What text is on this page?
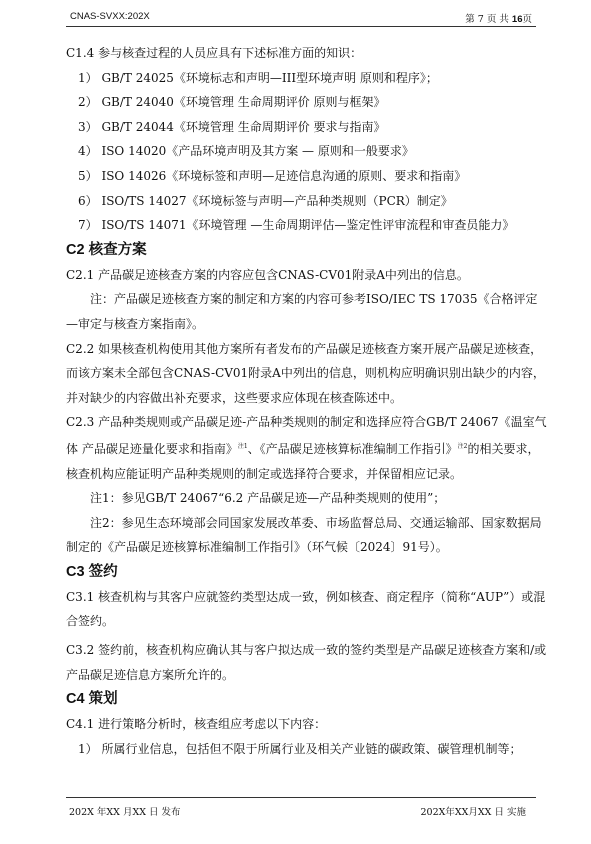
CNAS-SVXX:202X	第 7 页 共 16页

C1.4 参与核查过程的人员应具有下述标准方面的知识：

1） GB/T 24025《环境标志和声明—III型环境声明 原则和程序》；

2） GB/T 24040《环境管理 生命周期评价 原则与框架》

3） GB/T 24044《环境管理 生命周期评价 要求与指南》

4） ISO 14020《产品环境声明及其方案 — 原则和一般要求》

5） ISO 14026《环境标签和声明—足迹信息沟通的原则、要求和指南》

6） ISO/TS 14027《环境标签与声明—产品种类规则（PCR）制定》

7） ISO/TS 14071《环境管理 —生命周期评估—鉴定性评审流程和审查员能力》

C2 核查方案

C2.1 产品碳足迹核查方案的内容应包含CNAS-CV01附录A中列出的信息。

注：产品碳足迹核查方案的制定和方案的内容可参考ISO/IEC TS 17035《合格评定—审定与核查方案指南》。

C2.2 如果核查机构使用其他方案所有者发布的产品碳足迹核查方案开展产品碳足迹核查，而该方案未全部包含CNAS-CV01附录A中列出的信息，则机构应明确识别出缺少的内容，并对缺少的内容做出补充要求，这些要求应体现在核查陈述中。

C2.3 产品种类规则或产品碳足迹-产品种类规则的制定和选择应符合GB/T 24067《温室气体 产品碳足迹量化要求和指南》$^{注1}$、《产品碳足迹核算标准编制工作指引》$^{注2}$的相关要求，核查机构应能证明产品种类规则的制定或选择符合要求，并保留相应记录。

注1：参见GB/T 24067“6.2 产品碳足迹—产品种类规则的使用”；

注2：参见生态环境部会同国家发展改革委、市场监督总局、交通运输部、国家数据局制定的《产品碳足迹核算标准编制工作指引》（环气候〔2024〕91号）。

C3 签约

C3.1 核查机构与其客户应就签约类型达成一致，例如核查、商定程序（简称“AUP”）或混合签约。

C3.2 签约前，核查机构应确认其与客户拟达成一致的签约类型是产品碳足迹核查方案和/或产品碳足迹信息方案所允许的。

C4 策划

C4.1 进行策略分析时，核查组应考虑以下内容：

1） 所属行业信息，包括但不限于所属行业及相关产业链的碳政策、碳管理机制等；

202X 年XX 月XX 日 发布	202X年XX月XX 日 实施
